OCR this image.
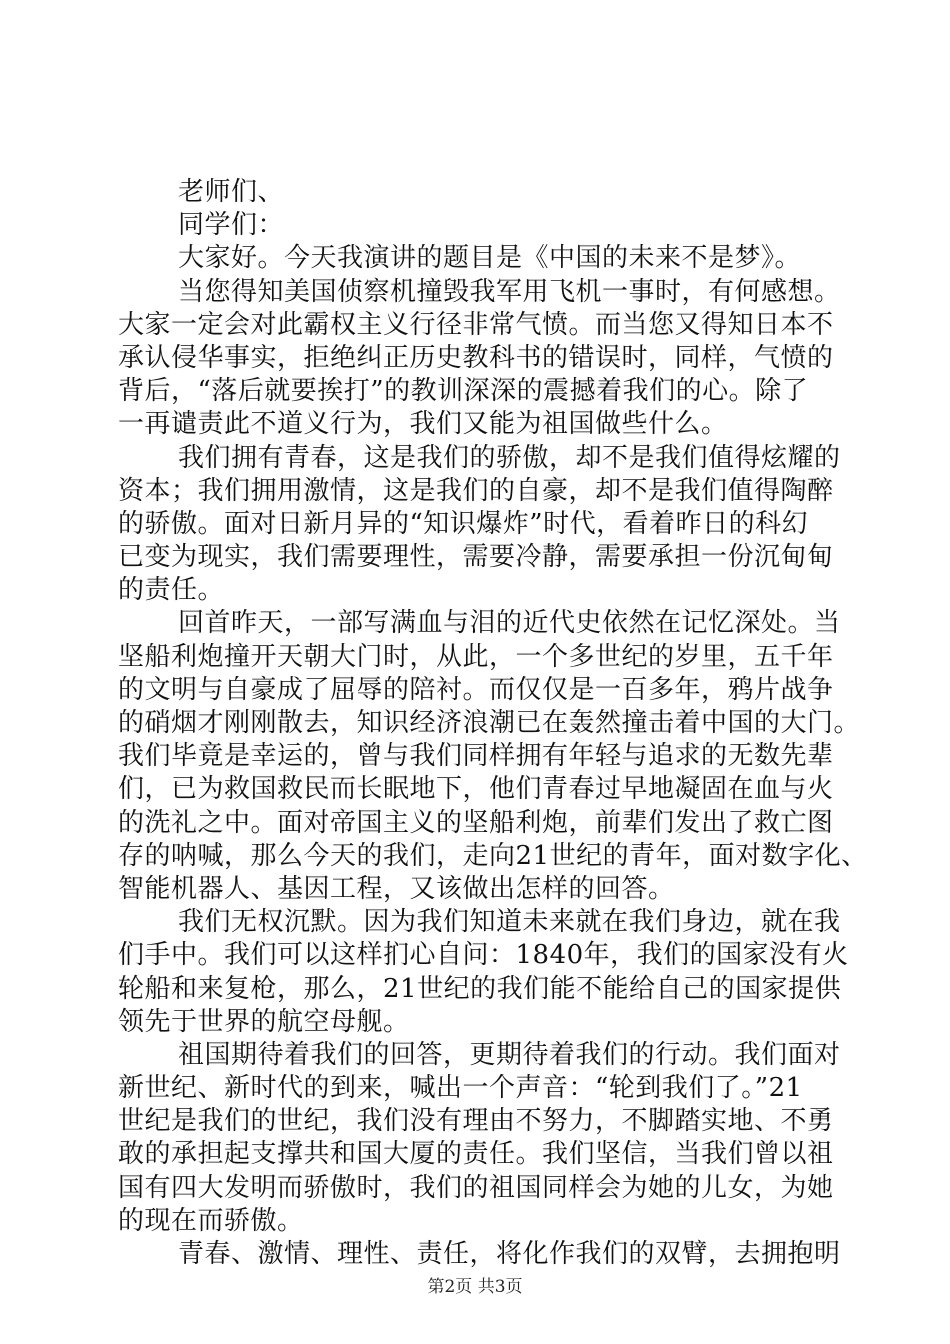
老师们、
同学们：
大家好。今天我演讲的题目是《中国的未来不是梦》。
当您得知美国侦察机撞毁我军用飞机一事时，有何感想。
大家一定会对此霸权主义行径非常气愤。而当您又得知日本不
承认侵华事实，拒绝纠正历史教科书的错误时，同样，气愤的
背后，“落后就要挨打”的教训深深的震撼着我们的心。除了
一再谴责此不道义行为，我们又能为祖国做些什么。
我们拥有青春，这是我们的骄傲，却不是我们值得炫耀的
资本；我们拥用激情，这是我们的自豪，却不是我们值得陶醉
的骄傲。面对日新月异的“知识爆炸”时代，看着昨日的科幻
已变为现实，我们需要理性，需要冷静，需要承担一份沉甸甸
的责任。
回首昨天，一部写满血与泪的近代史依然在记忆深处。当
坚船利炮撞开天朝大门时，从此，一个多世纪的岁里，五千年
的文明与自豪成了屈辱的陪衬。而仅仅是一百多年，鸦片战争
的硝烟才刚刚散去，知识经济浪潮已在轰然撞击着中国的大门。
我们毕竟是幸运的，曾与我们同样拥有年轻与追求的无数先辈
们，已为救国救民而长眠地下，他们青春过早地凝固在血与火
的洗礼之中。面对帝国主义的坚船利炮，前辈们发出了救亡图
存的呐喊，那么今天的我们，走向21世纪的青年，面对数字化、
智能机器人、基因工程，又该做出怎样的回答。
我们无权沉默。因为我们知道未来就在我们身边，就在我
们手中。我们可以这样扪心自问：1840年，我们的国家没有火
轮船和来复枪，那么，21世纪的我们能不能给自己的国家提供
领先于世界的航空母舰。
祖国期待着我们的回答，更期待着我们的行动。我们面对
新世纪、新时代的到来，喊出一个声音：“轮到我们了。”21
世纪是我们的世纪，我们没有理由不努力，不脚踏实地、不勇
敢的承担起支撑共和国大厦的责任。我们坚信，当我们曾以祖
国有四大发明而骄傲时，我们的祖国同样会为她的儿女，为她
的现在而骄傲。
青春、激情、理性、责任，将化作我们的双臂，去拥抱明
第2页 共3页
